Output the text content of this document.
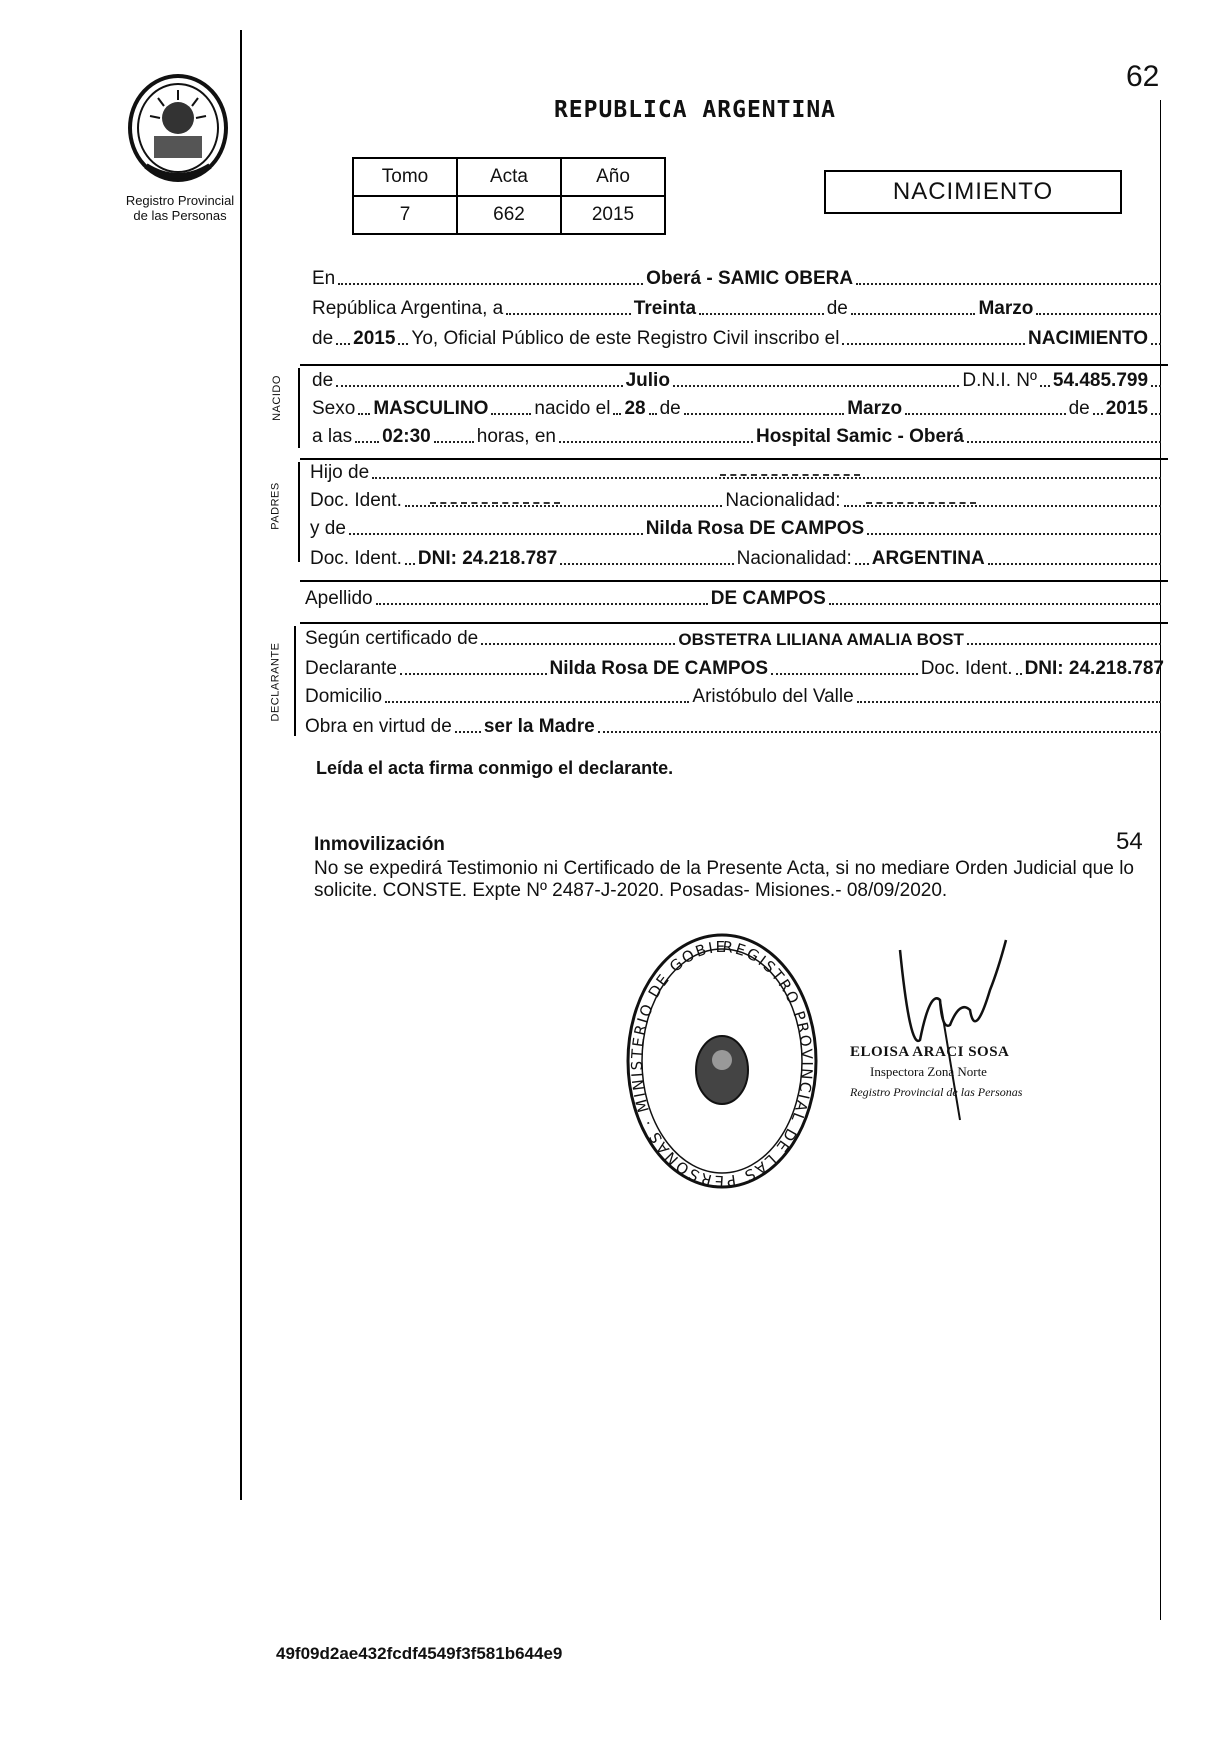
62
Registro Provincial
de las Personas
REPUBLICA ARGENTINA
Tomo	Acta	Año
7	662	2015
NACIMIENTO
En	Oberá - SAMIC OBERA
República Argentina, a	Treinta	de	Marzo
de 2015 Yo, Oficial Público de este Registro Civil inscribo el	NACIMIENTO
NACIDO de	Julio	D.N.I. Nº 54.485.799
Sexo MASCULINO nacido el 28 de	Marzo	de 2015
a las 02:30 horas, en	Hospital Samic - Oberá
PADRES
Hijo de
Doc. Ident.	Nacionalidad:
y de	Nilda Rosa DE CAMPOS
Doc. Ident. DNI: 24.218.787	Nacionalidad: ARGENTINA
Apellido	DE CAMPOS
DECLARANTE
Según certificado de	OBSTETRA LILIANA AMALIA BOST
Declarante	Nilda Rosa DE CAMPOS	Doc. Ident. DNI: 24.218.787
Domicilio	Aristóbulo del Valle
Obra en virtud de ser la Madre
Leída el acta firma conmigo el declarante.
Inmovilización	54
No se expedirá Testimonio ni Certificado de la Presente Acta, si no mediare Orden Judicial que lo solicite. CONSTE. Expte Nº 2487-J-2020. Posadas- Misiones.- 08/09/2020.
REGISTRO PROVINCIAL DE LAS PERSONAS · MINISTERIO DE GOBIE
ELOISA ARACI SOSA
Inspectora Zona Norte
Registro Provincial de las Personas
49f09d2ae432fcdf4549f3f581b644e9
